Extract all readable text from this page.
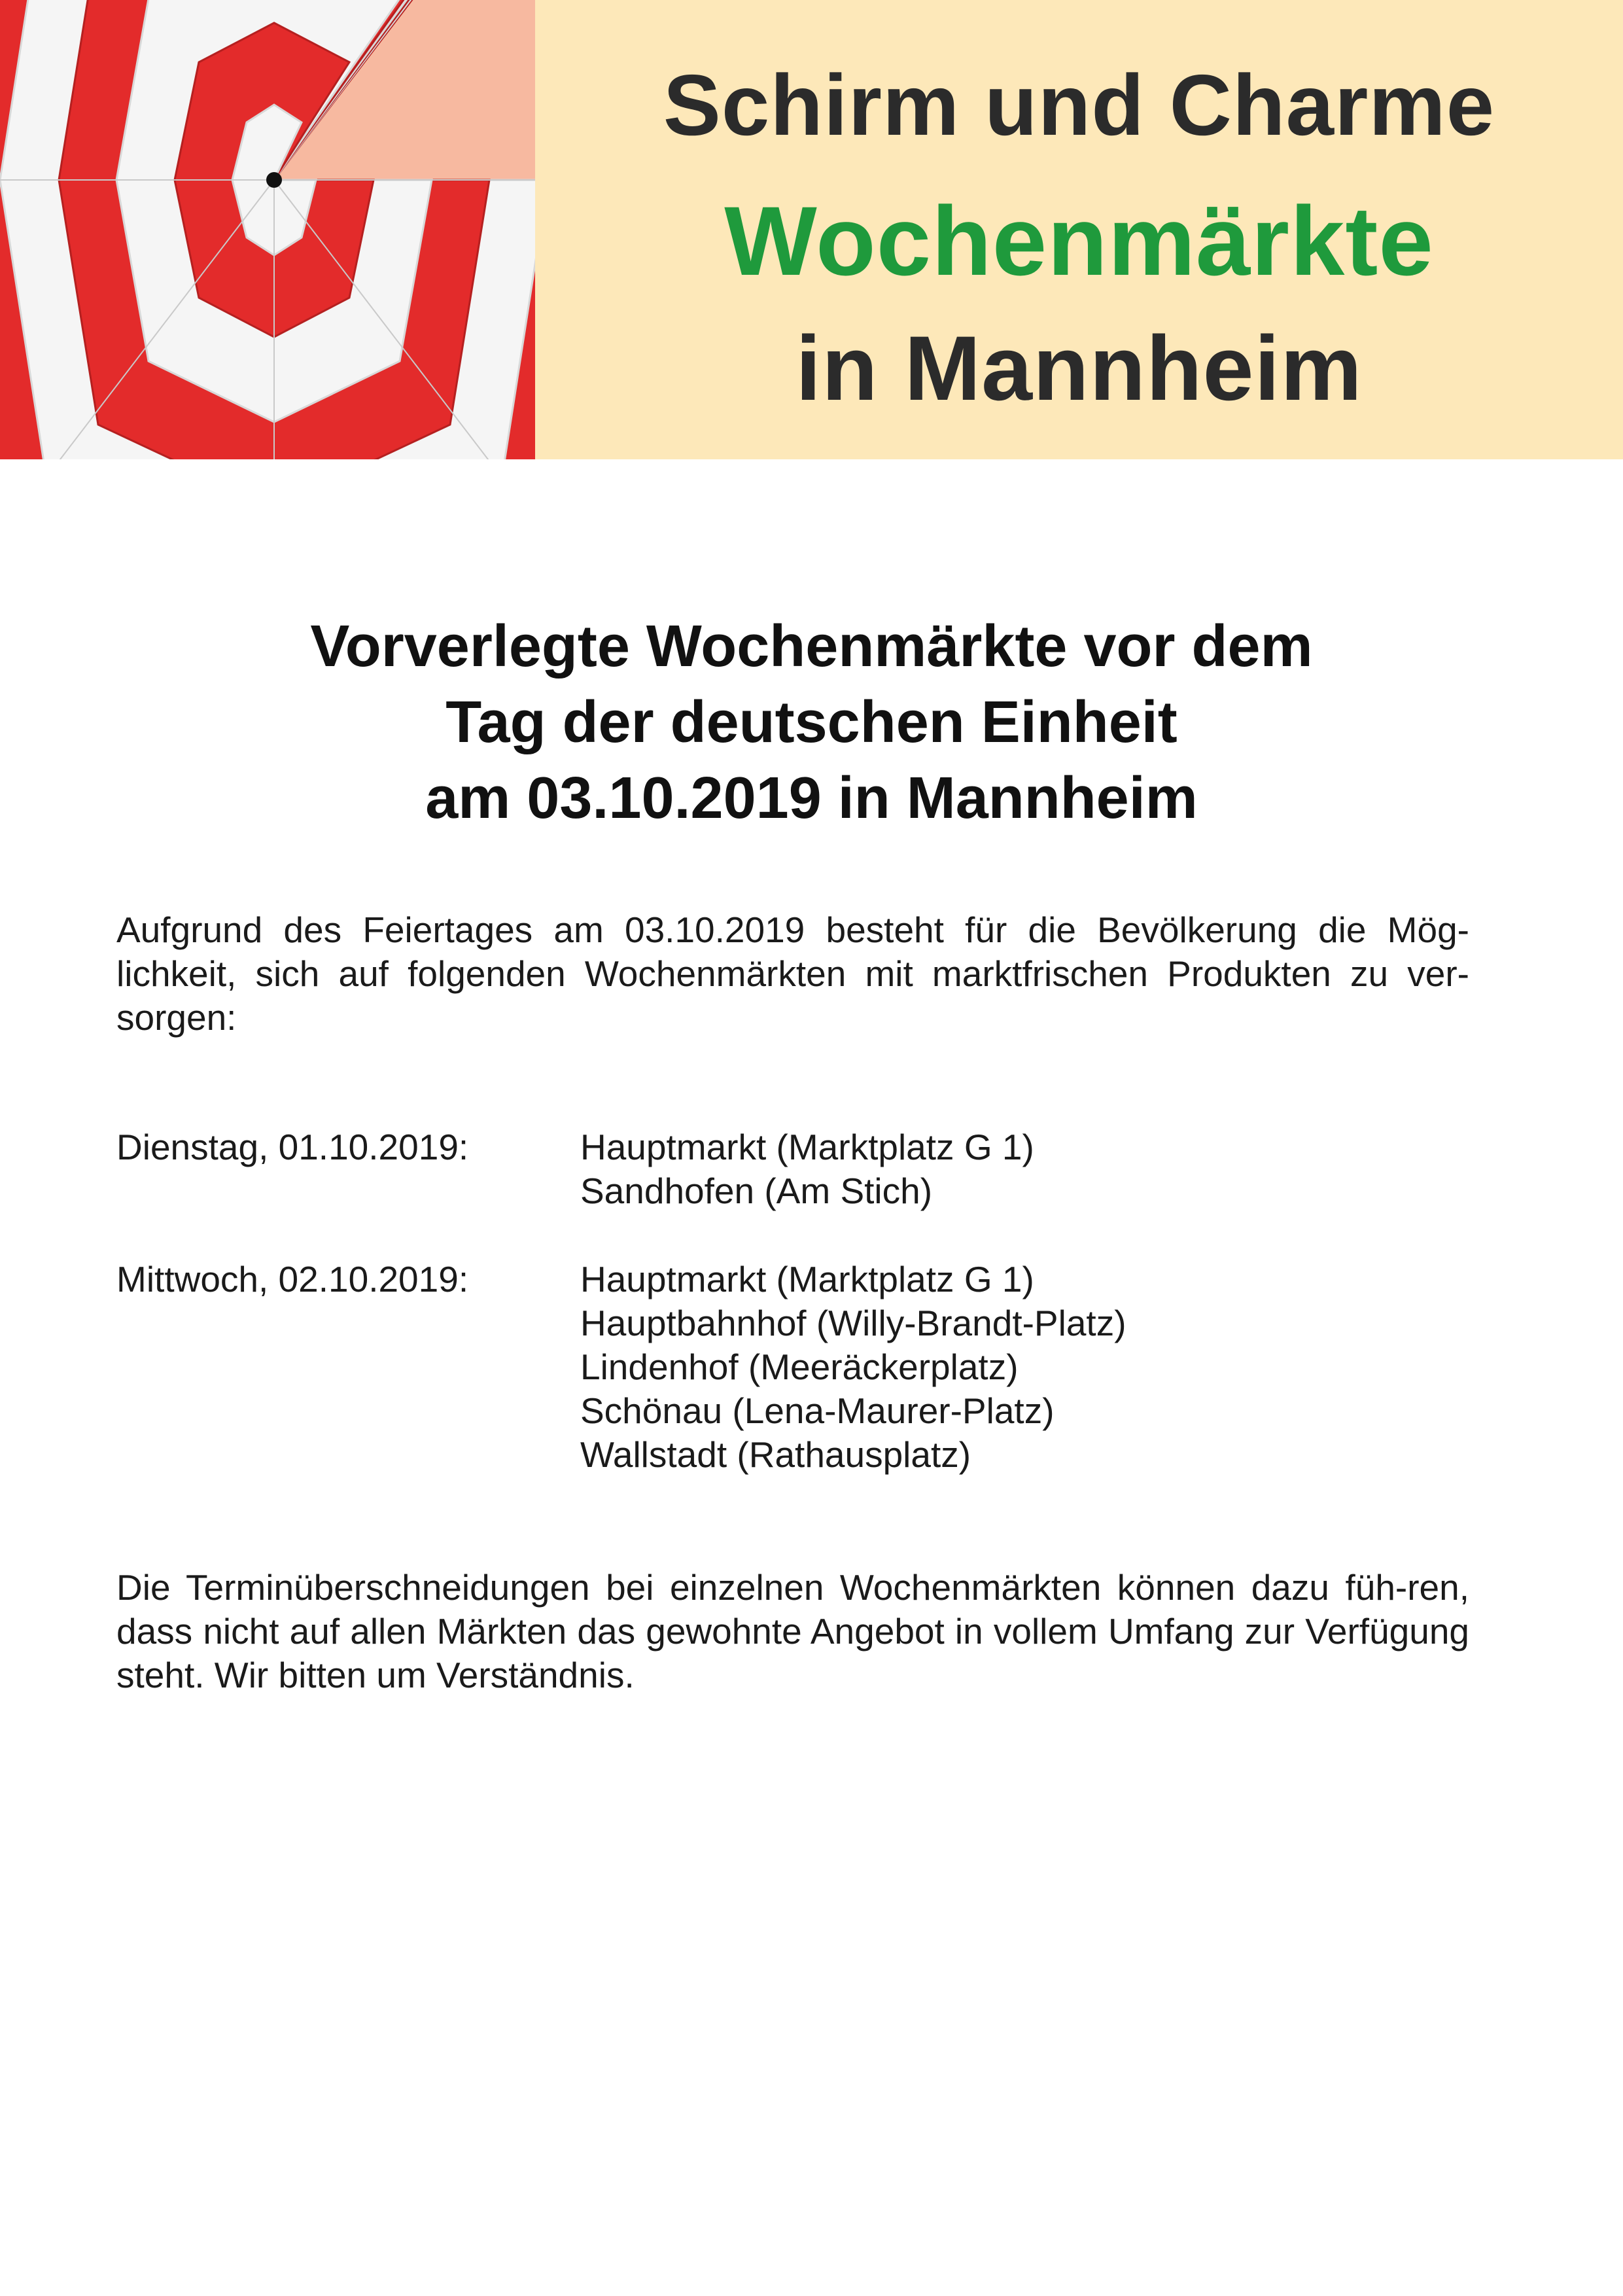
Schirm und Charme
Wochenmärkte
in Mannheim
Vorverlegte Wochenmärkte vor dem
Tag der deutschen Einheit
am 03.10.2019 in Mannheim
Aufgrund des Feiertages am 03.10.2019 besteht für die Bevölkerung die Mög-lichkeit, sich auf folgenden Wochenmärkten mit marktfrischen Produkten zu ver-sorgen:
Dienstag, 01.10.2019:	Hauptmarkt (Marktplatz G 1)
Sandhofen (Am Stich)
Mittwoch, 02.10.2019:	Hauptmarkt (Marktplatz G 1)
Hauptbahnhof (Willy-Brandt-Platz)
Lindenhof (Meeräckerplatz)
Schönau (Lena-Maurer-Platz)
Wallstadt (Rathausplatz)
Die Terminüberschneidungen bei einzelnen Wochenmärkten können dazu füh-ren, dass nicht auf allen Märkten das gewohnte Angebot in vollem Umfang zur Verfügung steht. Wir bitten um Verständnis.
